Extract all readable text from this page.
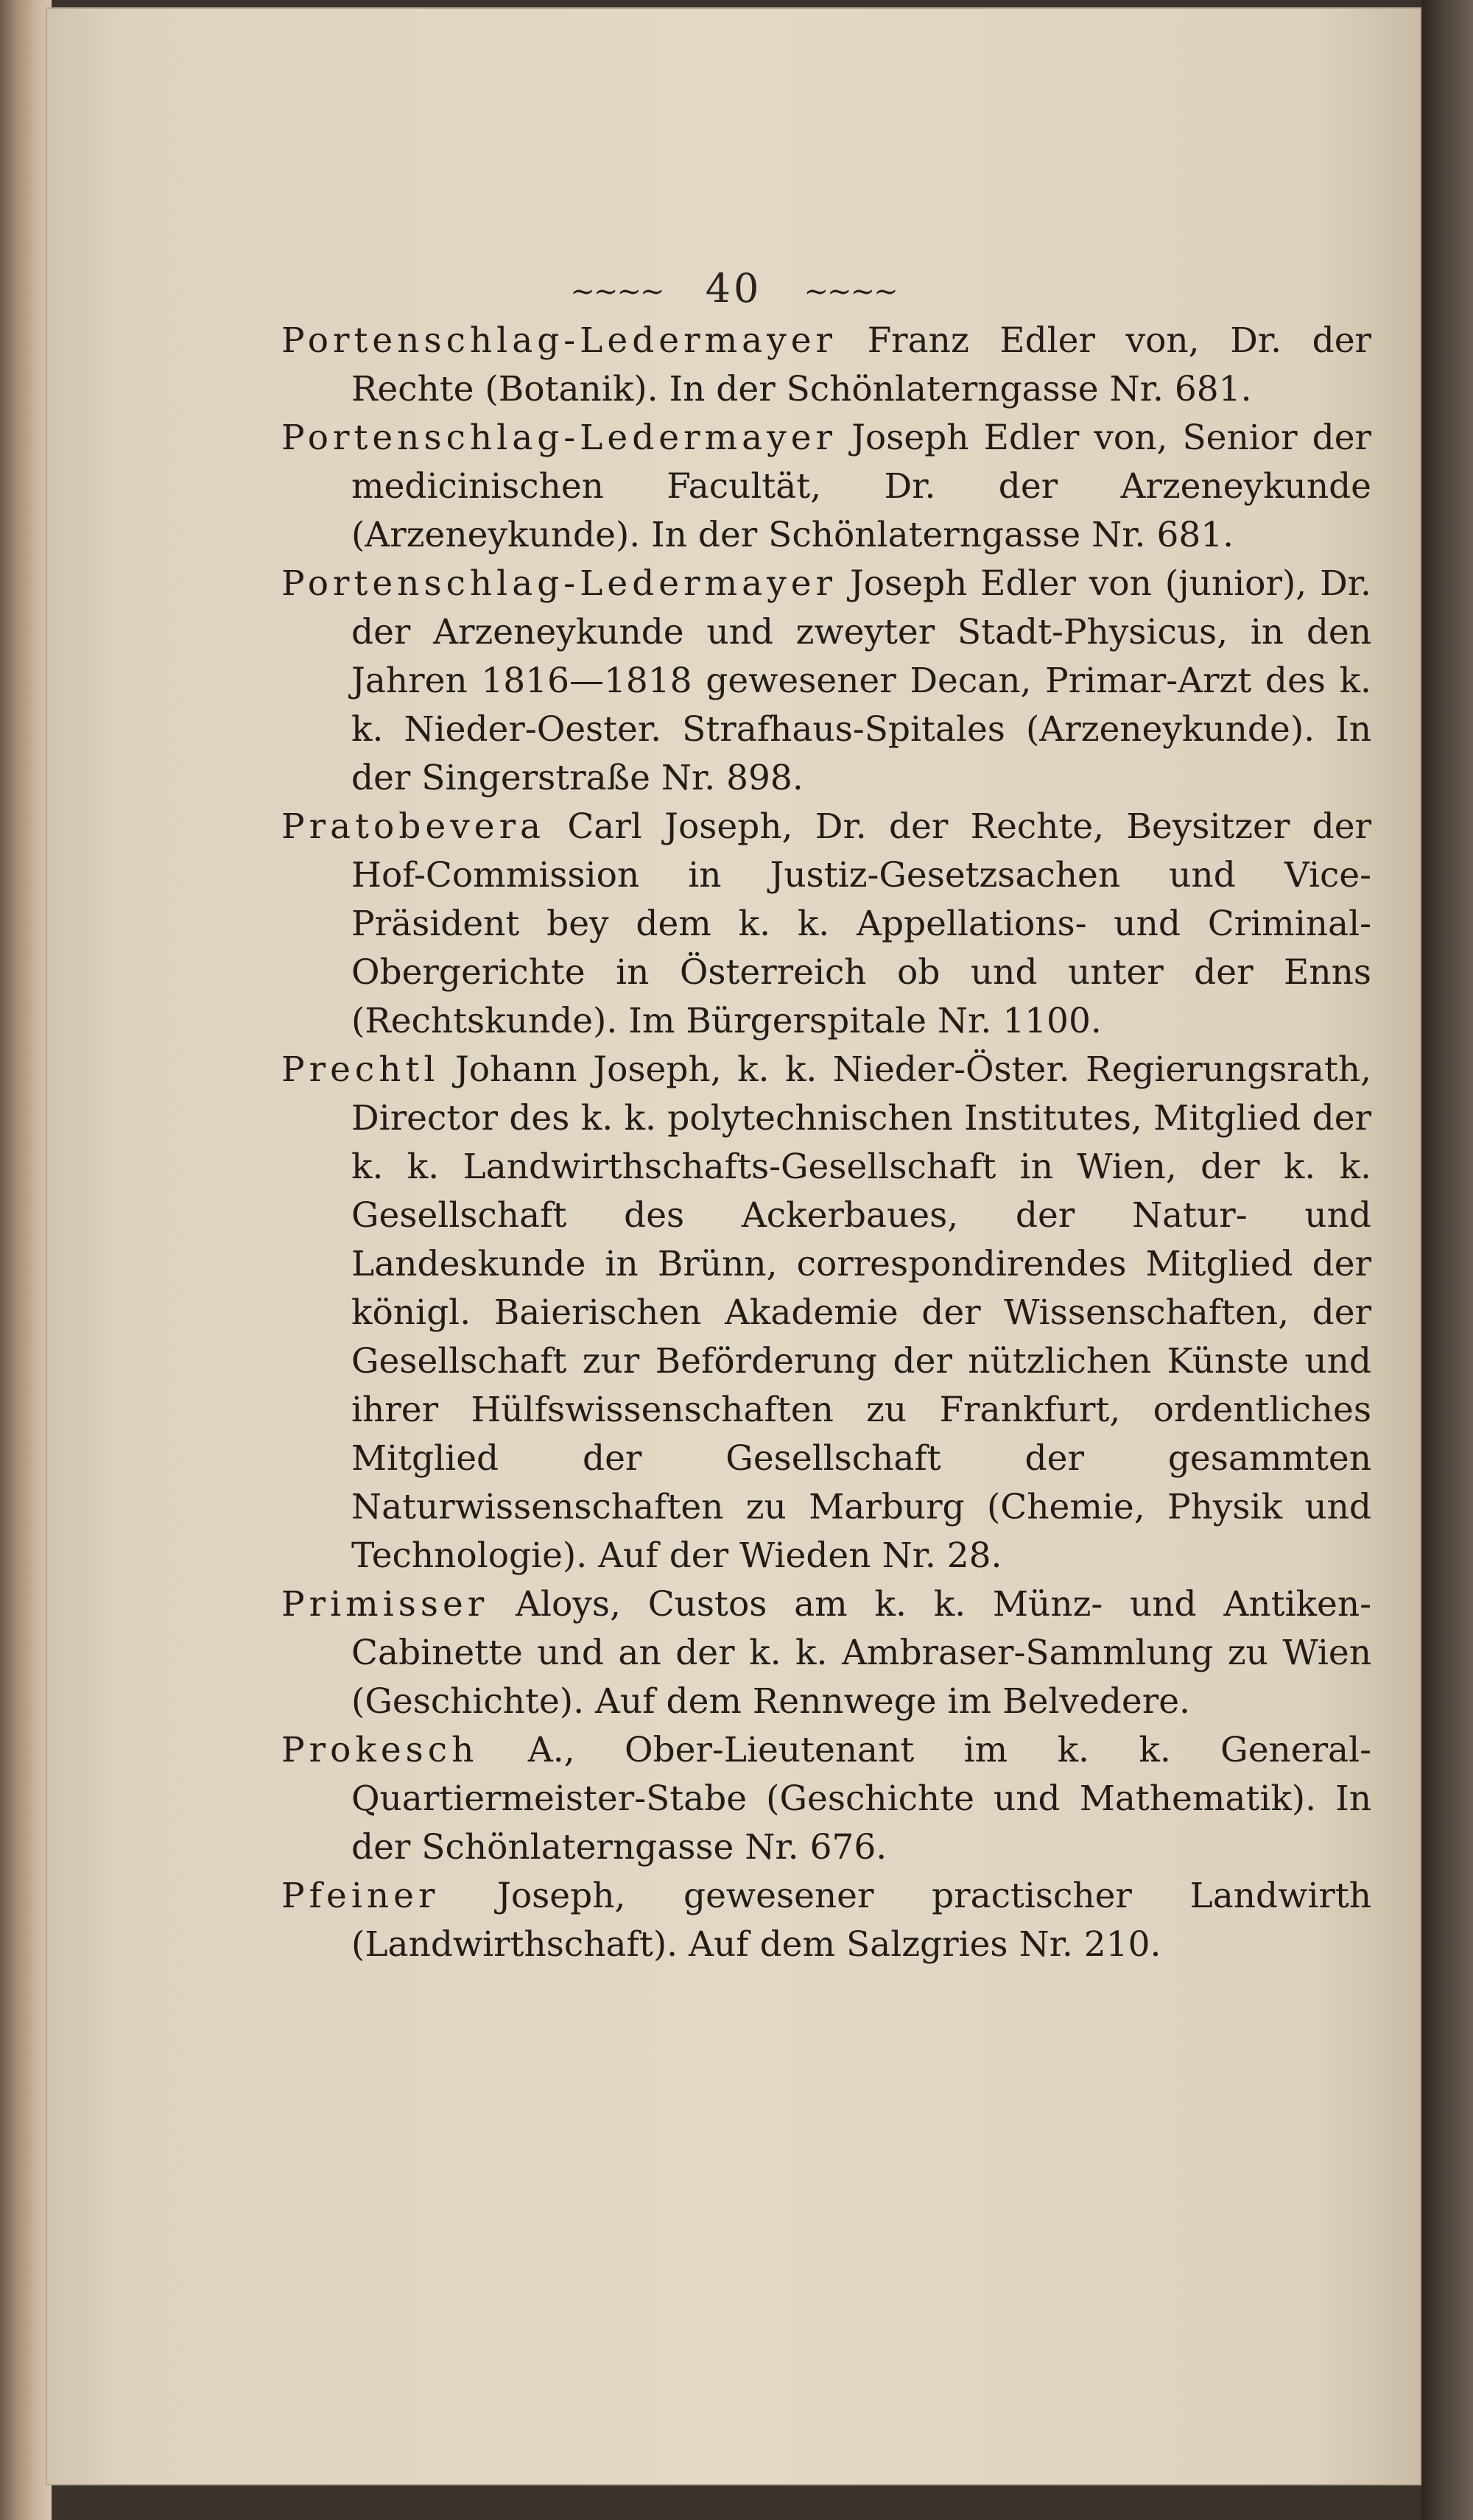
~~~~ 40 ~~~~

Portenschlag-Ledermayer Franz Edler von, Dr. der Rechte (Botanik). In der Schönlaterngasse Nr. 681.

Portenschlag-Ledermayer Joseph Edler von, Senior der medicinischen Facultät, Dr. der Arzeneykunde (Arzeneykunde). In der Schönlaterngasse Nr. 681.

Portenschlag-Ledermayer Joseph Edler von (junior), Dr. der Arzeneykunde und zweyter Stadt-Physicus, in den Jahren 1816—1818 gewesener Decan, Primar-Arzt des k. k. Nieder-Oester. Strafhaus-Spitales (Arzeneykunde). In der Singerstraße Nr. 898.

Pratobevera Carl Joseph, Dr. der Rechte, Beysitzer der Hof-Commission in Justiz-Gesetzsachen und Vice-Präsident bey dem k. k. Appellations- und Criminal-Obergerichte in Österreich ob und unter der Enns (Rechtskunde). Im Bürgerspitale Nr. 1100.

Prechtl Johann Joseph, k. k. Nieder-Öster. Regierungsrath, Director des k. k. polytechnischen Institutes, Mitglied der k. k. Landwirthschafts-Gesellschaft in Wien, der k. k. Gesellschaft des Ackerbaues, der Natur- und Landeskunde in Brünn, correspondirendes Mitglied der königl. Baierischen Akademie der Wissenschaften, der Gesellschaft zur Beförderung der nützlichen Künste und ihrer Hülfswissenschaften zu Frankfurt, ordentliches Mitglied der Gesellschaft der gesammten Naturwissenschaften zu Marburg (Chemie, Physik und Technologie). Auf der Wieden Nr. 28.

Primisser Aloys, Custos am k. k. Münz- und Antiken-Cabinette und an der k. k. Ambraser-Sammlung zu Wien (Geschichte). Auf dem Rennwege im Belvedere.

Prokesch A., Ober-Lieutenant im k. k. General-Quartiermeister-Stabe (Geschichte und Mathematik). In der Schönlaterngasse Nr. 676.

Pfeiner Joseph, gewesener practischer Landwirth (Landwirthschaft). Auf dem Salzgries Nr. 210.
